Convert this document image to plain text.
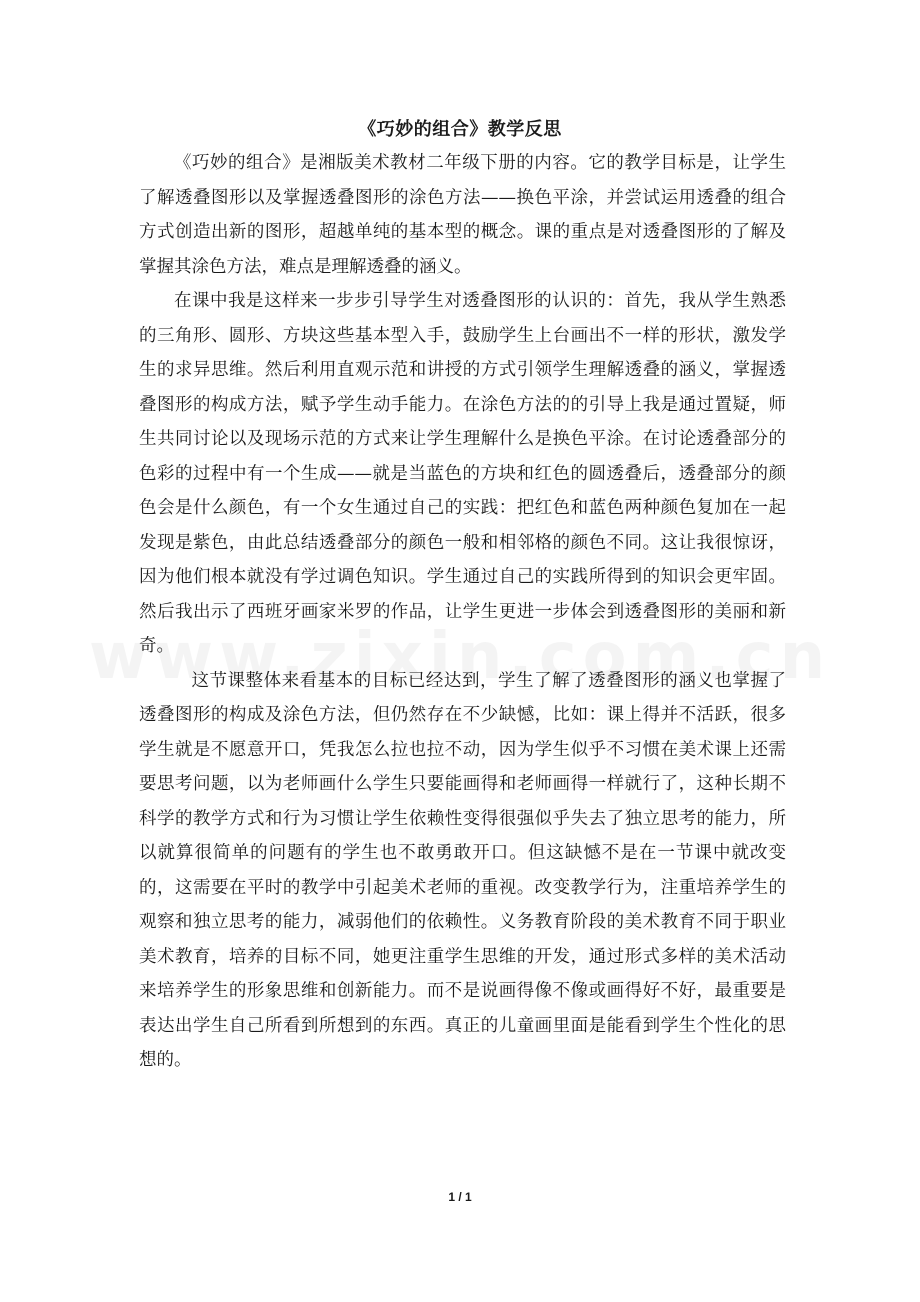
《巧妙的组合》教学反思

《巧妙的组合》是湘版美术教材二年级下册的内容。它的教学目标是，让学生了解透叠图形以及掌握透叠图形的涂色方法——换色平涂，并尝试运用透叠的组合方式创造出新的图形，超越单纯的基本型的概念。课的重点是对透叠图形的了解及掌握其涂色方法，难点是理解透叠的涵义。

在课中我是这样来一步步引导学生对透叠图形的认识的：首先，我从学生熟悉的三角形、圆形、方块这些基本型入手，鼓励学生上台画出不一样的形状，激发学生的求异思维。然后利用直观示范和讲授的方式引领学生理解透叠的涵义，掌握透叠图形的构成方法，赋予学生动手能力。在涂色方法的的引导上我是通过置疑，师生共同讨论以及现场示范的方式来让学生理解什么是换色平涂。在讨论透叠部分的色彩的过程中有一个生成——就是当蓝色的方块和红色的圆透叠后，透叠部分的颜色会是什么颜色，有一个女生通过自己的实践：把红色和蓝色两种颜色复加在一起发现是紫色，由此总结透叠部分的颜色一般和相邻格的颜色不同。这让我很惊讶，因为他们根本就没有学过调色知识。学生通过自己的实践所得到的知识会更牢固。然后我出示了西班牙画家米罗的作品，让学生更进一步体会到透叠图形的美丽和新奇。

这节课整体来看基本的目标已经达到，学生了解了透叠图形的涵义也掌握了透叠图形的构成及涂色方法，但仍然存在不少缺憾，比如：课上得并不活跃，很多学生就是不愿意开口，凭我怎么拉也拉不动，因为学生似乎不习惯在美术课上还需要思考问题，以为老师画什么学生只要能画得和老师画得一样就行了，这种长期不科学的教学方式和行为习惯让学生依赖性变得很强似乎失去了独立思考的能力，所以就算很简单的问题有的学生也不敢勇敢开口。但这缺憾不是在一节课中就改变的，这需要在平时的教学中引起美术老师的重视。改变教学行为，注重培养学生的观察和独立思考的能力，减弱他们的依赖性。义务教育阶段的美术教育不同于职业美术教育，培养的目标不同，她更注重学生思维的开发，通过形式多样的美术活动来培养学生的形象思维和创新能力。而不是说画得像不像或画得好不好，最重要是表达出学生自己所看到所想到的东西。真正的儿童画里面是能看到学生个性化的思想的。

1 / 1
